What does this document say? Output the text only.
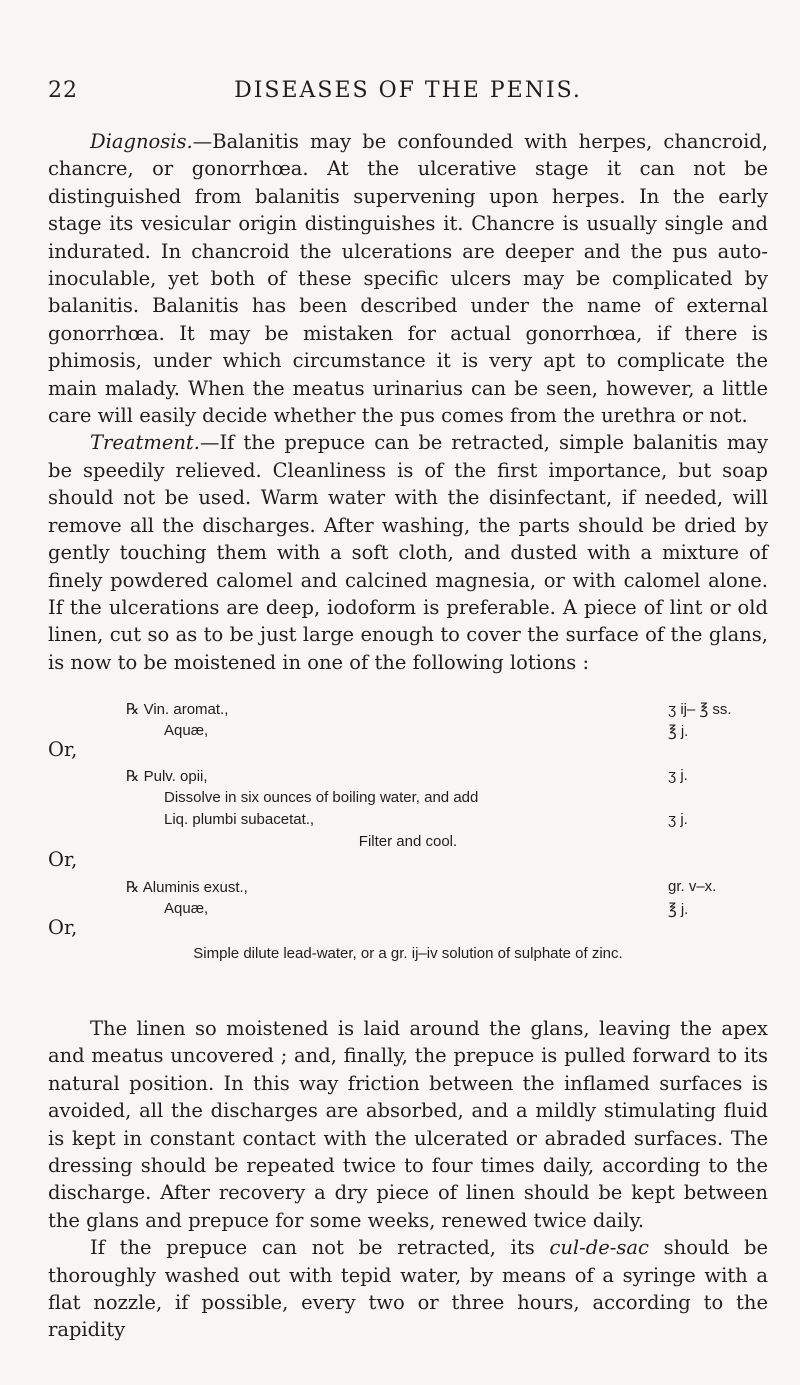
22	DISEASES OF THE PENIS.

Diagnosis.—Balanitis may be confounded with herpes, chancroid, chancre, or gonorrhœa. At the ulcerative stage it can not be distinguished from balanitis supervening upon herpes. In the early stage its vesicular origin distinguishes it. Chancre is usually single and indurated. In chancroid the ulcerations are deeper and the pus auto-inoculable, yet both of these specific ulcers may be complicated by balanitis. Balanitis has been described under the name of external gonorrhœa. It may be mistaken for actual gonorrhœa, if there is phimosis, under which circumstance it is very apt to complicate the main malady. When the meatus urinarius can be seen, however, a little care will easily decide whether the pus comes from the urethra or not.

Treatment.—If the prepuce can be retracted, simple balanitis may be speedily relieved. Cleanliness is of the first importance, but soap should not be used. Warm water with the disinfectant, if needed, will remove all the discharges. After washing, the parts should be dried by gently touching them with a soft cloth, and dusted with a mixture of finely powdered calomel and calcined magnesia, or with calomel alone. If the ulcerations are deep, iodoform is preferable. A piece of lint or old linen, cut so as to be just large enough to cover the surface of the glans, is now to be moistened in one of the following lotions :

℞ Vin. aromat.,	ʒ ij– ℥ ss.
Aquæ,	℥ j.
Or,
℞ Pulv. opii,	ʒ j.
Dissolve in six ounces of boiling water, and add
Liq. plumbi subacetat.,	ʒ j.
Filter and cool.
Or,
℞ Aluminis exust.,	gr. v–x.
Aquæ,	℥ j.
Or,
Simple dilute lead-water, or a gr. ij–iv solution of sulphate of zinc.

The linen so moistened is laid around the glans, leaving the apex and meatus uncovered ; and, finally, the prepuce is pulled forward to its natural position. In this way friction between the inflamed surfaces is avoided, all the discharges are absorbed, and a mildly stimulating fluid is kept in constant contact with the ulcerated or abraded surfaces. The dressing should be repeated twice to four times daily, according to the discharge. After recovery a dry piece of linen should be kept between the glans and prepuce for some weeks, renewed twice daily.

If the prepuce can not be retracted, its cul-de-sac should be thoroughly washed out with tepid water, by means of a syringe with a flat nozzle, if possible, every two or three hours, according to the rapidity
